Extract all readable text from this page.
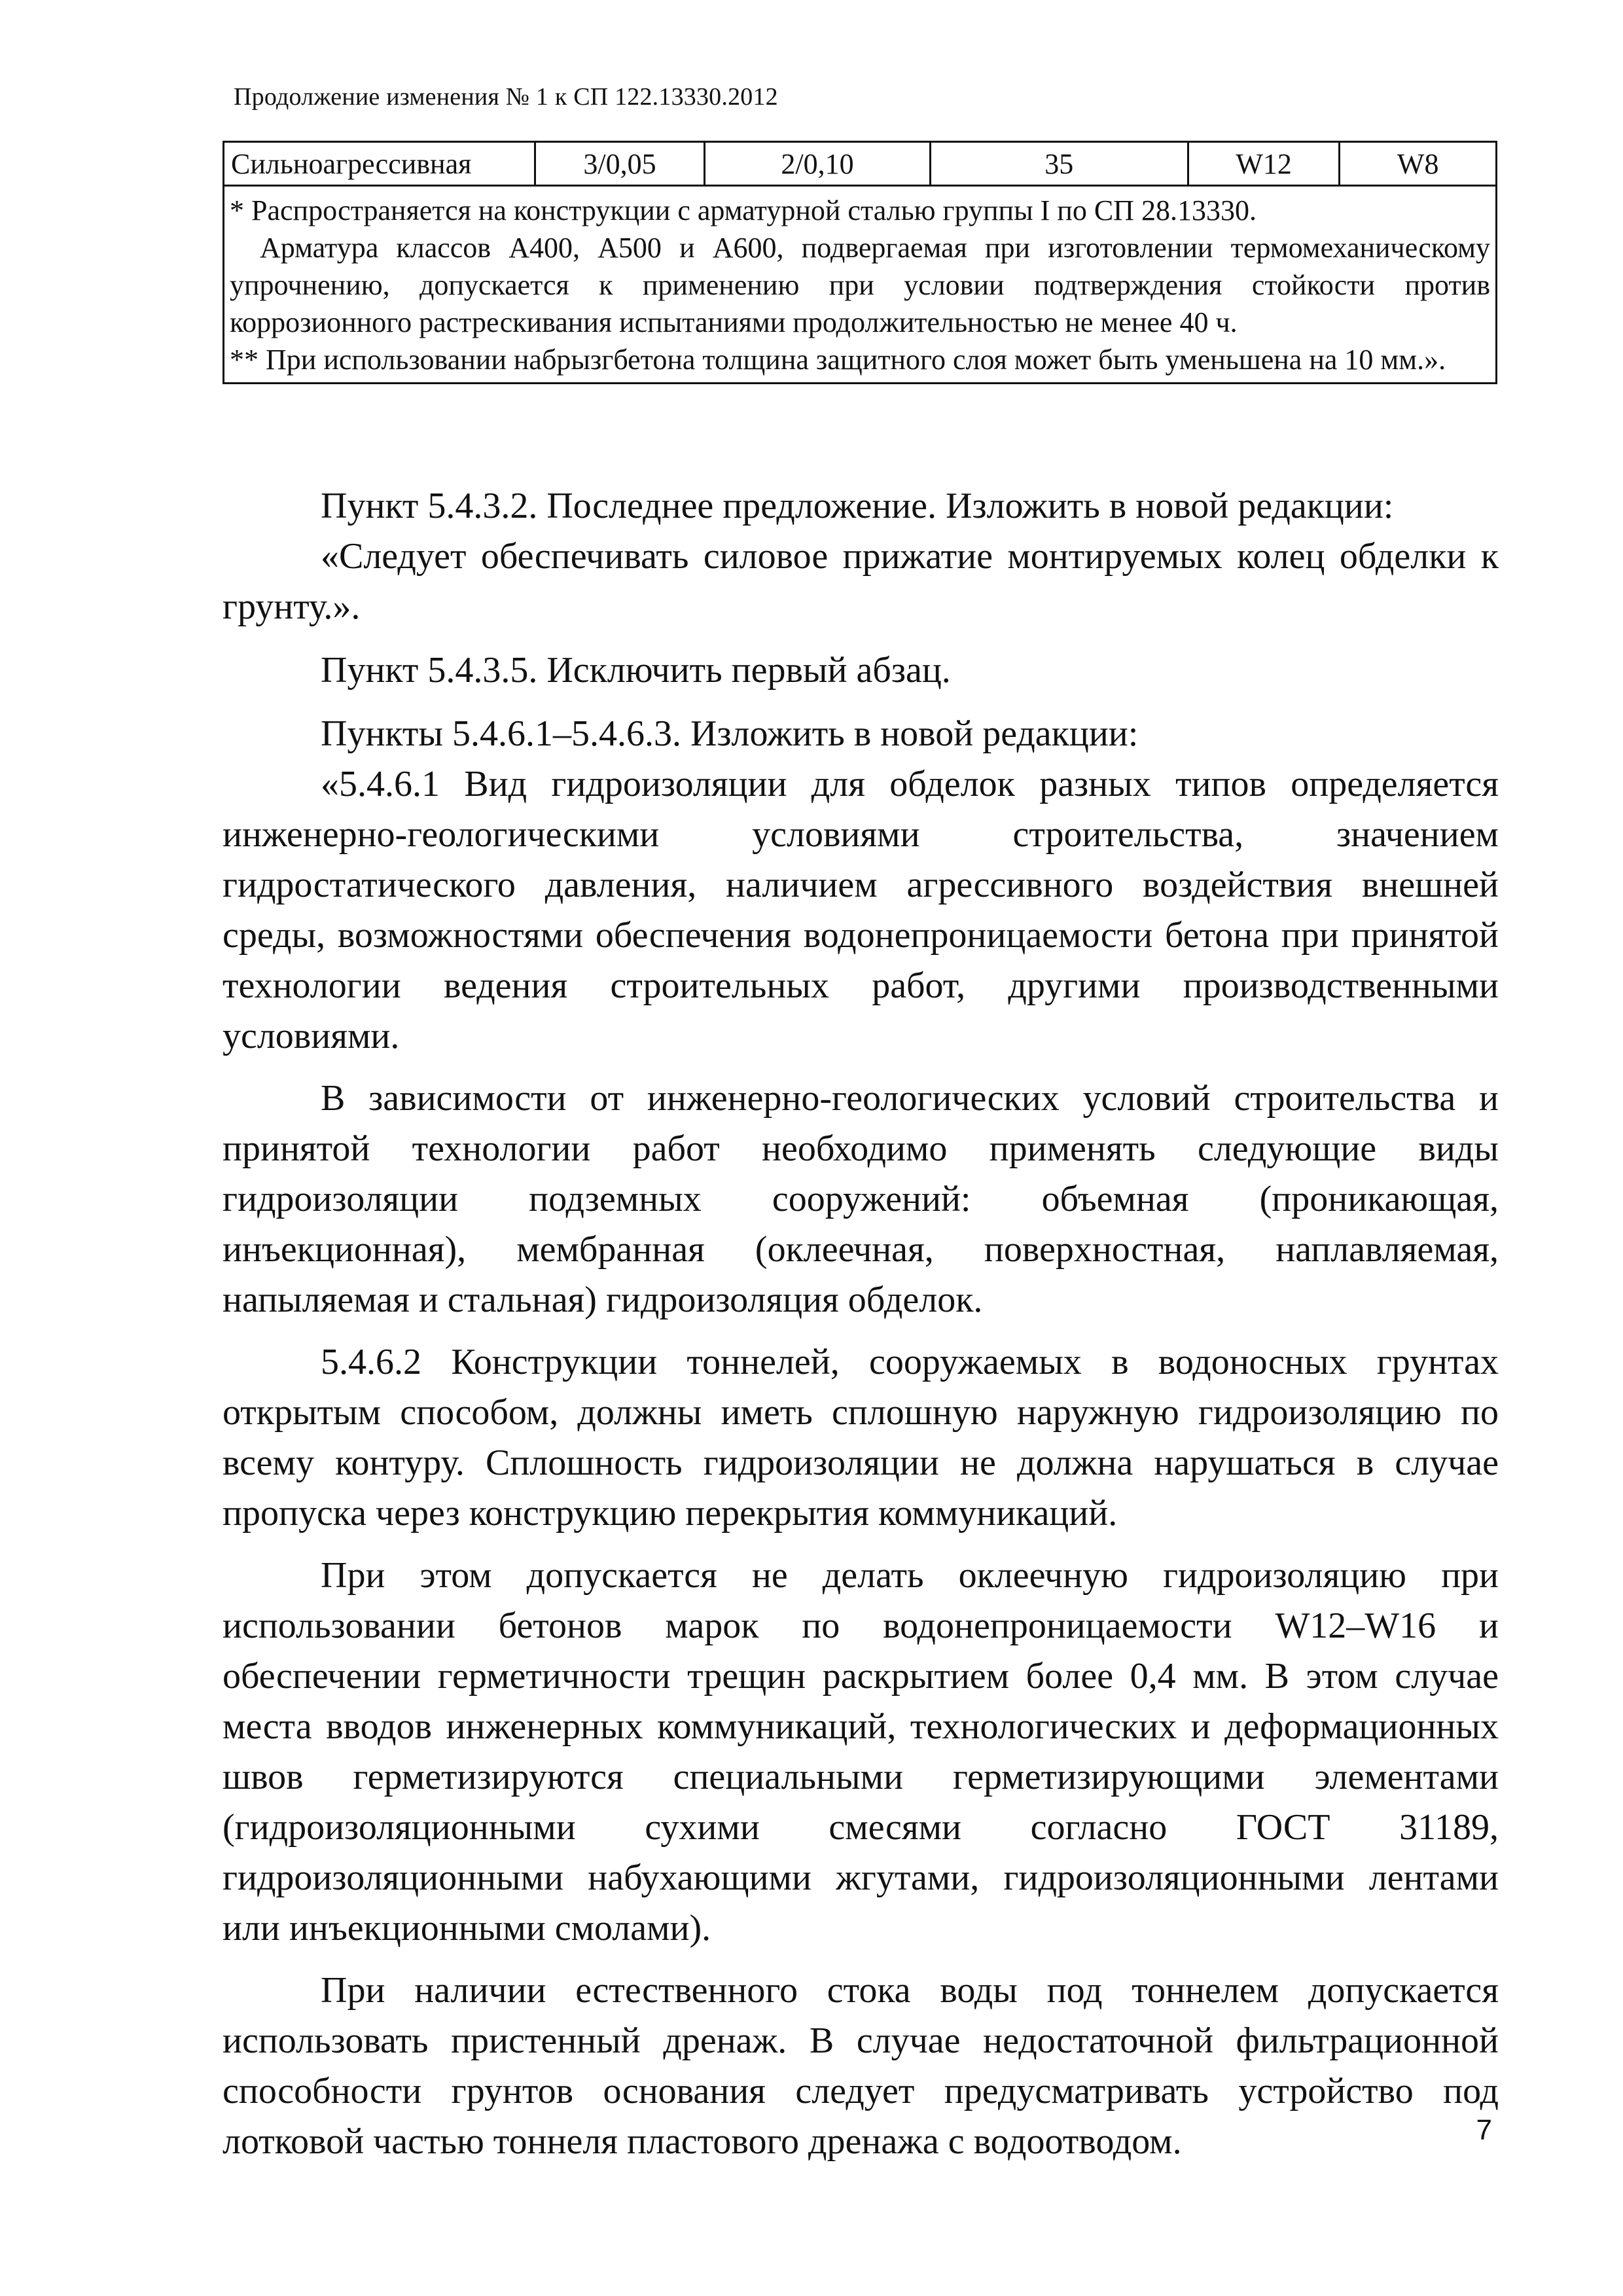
Продолжение изменения № 1 к СП 122.13330.2012
Сильноагрессивная	3/0,05	2/0,10	35	W12	W8

* Распространяется на конструкции с арматурной сталью группы I по СП 28.13330.

Арматура классов А400, А500 и А600, подвергаемая при изготовлении термомеханическому упрочнению, допускается к применению при условии подтверждения стойкости против коррозионного растрескивания испытаниями продолжительностью не менее 40 ч.

** При использовании набрызгбетона толщина защитного слоя может быть уменьшена на 10 мм.».

Пункт 5.4.3.2. Последнее предложение. Изложить в новой редакции:

«Следует обеспечивать силовое прижатие монтируемых колец обделки к грунту.».

Пункт 5.4.3.5. Исключить первый абзац.

Пункты 5.4.6.1–5.4.6.3. Изложить в новой редакции:

«5.4.6.1 Вид гидроизоляции для обделок разных типов определяется инженерно-геологическими условиями строительства, значением гидростатического давления, наличием агрессивного воздействия внешней среды, возможностями обеспечения водонепроницаемости бетона при принятой технологии ведения строительных работ, другими производственными условиями.

В зависимости от инженерно-геологических условий строительства и принятой технологии работ необходимо применять следующие виды гидроизоляции подземных сооружений: объемная (проникающая, инъекционная), мембранная (оклеечная, поверхностная, наплавляемая, напыляемая и стальная) гидроизоляция обделок.

5.4.6.2 Конструкции тоннелей, сооружаемых в водоносных грунтах открытым способом, должны иметь сплошную наружную гидроизоляцию по всему контуру. Сплошность гидроизоляции не должна нарушаться в случае пропуска через конструкцию перекрытия коммуникаций.

При этом допускается не делать оклеечную гидроизоляцию при использовании бетонов марок по водонепроницаемости W12–W16 и обеспечении герметичности трещин раскрытием более 0,4 мм. В этом случае места вводов инженерных коммуникаций, технологических и деформационных швов герметизируются специальными герметизирующими элементами (гидроизоляционными сухими смесями согласно ГОСТ 31189, гидроизоляционными набухающими жгутами, гидроизоляционными лентами или инъекционными смолами).

При наличии естественного стока воды под тоннелем допускается использовать пристенный дренаж. В случае недостаточной фильтрационной способности грунтов основания следует предусматривать устройство под лотковой частью тоннеля пластового дренажа с водоотводом.	7
